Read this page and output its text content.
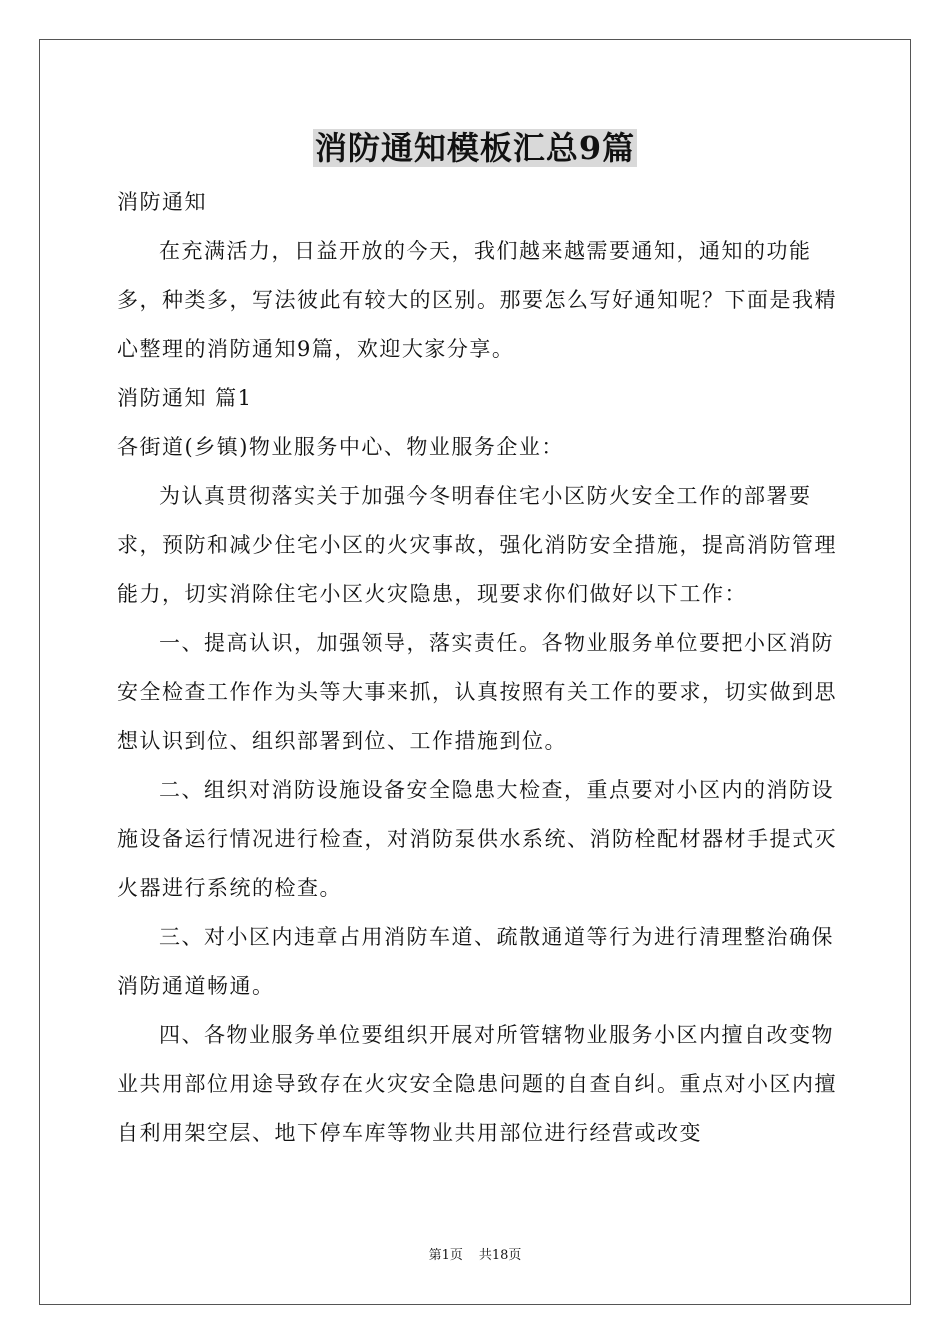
消防通知模板汇总9篇

消防通知

在充满活力，日益开放的今天，我们越来越需要通知，通知的功能多，种类多，写法彼此有较大的区别。那要怎么写好通知呢？下面是我精心整理的消防通知9篇，欢迎大家分享。

消防通知 篇1

各街道(乡镇)物业服务中心、物业服务企业：

为认真贯彻落实关于加强今冬明春住宅小区防火安全工作的部署要求，预防和减少住宅小区的火灾事故，强化消防安全措施，提高消防管理能力，切实消除住宅小区火灾隐患，现要求你们做好以下工作：

一、提高认识，加强领导，落实责任。各物业服务单位要把小区消防安全检查工作作为头等大事来抓，认真按照有关工作的要求，切实做到思想认识到位、组织部署到位、工作措施到位。

二、组织对消防设施设备安全隐患大检查，重点要对小区内的消防设施设备运行情况进行检查，对消防泵供水系统、消防栓配材器材手提式灭火器进行系统的检查。

三、对小区内违章占用消防车道、疏散通道等行为进行清理整治确保消防通道畅通。

四、各物业服务单位要组织开展对所管辖物业服务小区内擅自改变物业共用部位用途导致存在火灾安全隐患问题的自查自纠。重点对小区内擅自利用架空层、地下停车库等物业共用部位进行经营或改变

第1页 共18页
